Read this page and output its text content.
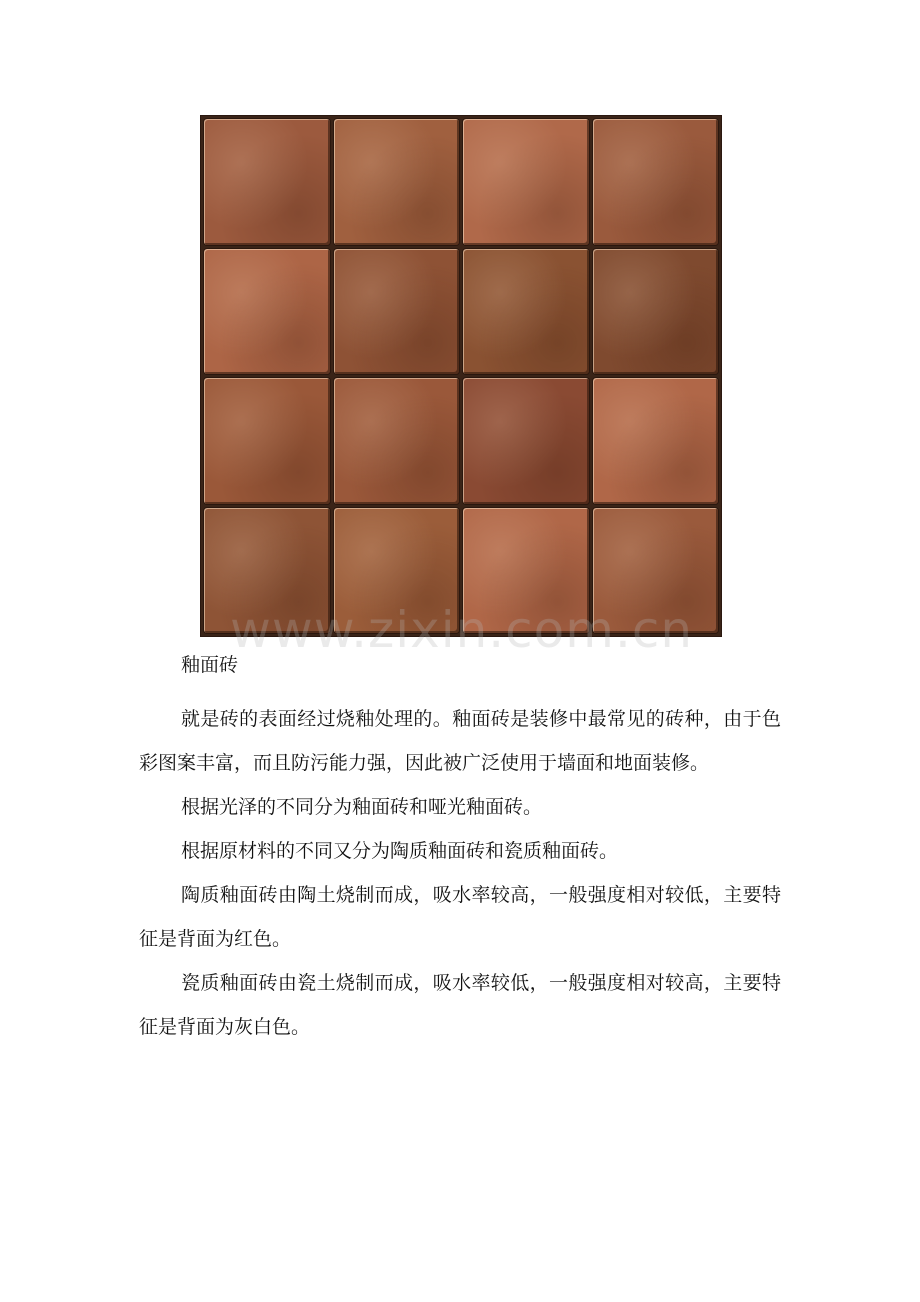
www.zixin.com.cn
釉面砖

就是砖的表面经过烧釉处理的。釉面砖是装修中最常见的砖种，由于色彩图案丰富，而且防污能力强，因此被广泛使用于墙面和地面装修。

根据光泽的不同分为釉面砖和哑光釉面砖。

根据原材料的不同又分为陶质釉面砖和瓷质釉面砖。

陶质釉面砖由陶土烧制而成，吸水率较高，一般强度相对较低，主要特征是背面为红色。

瓷质釉面砖由瓷土烧制而成，吸水率较低，一般强度相对较高，主要特征是背面为灰白色。
